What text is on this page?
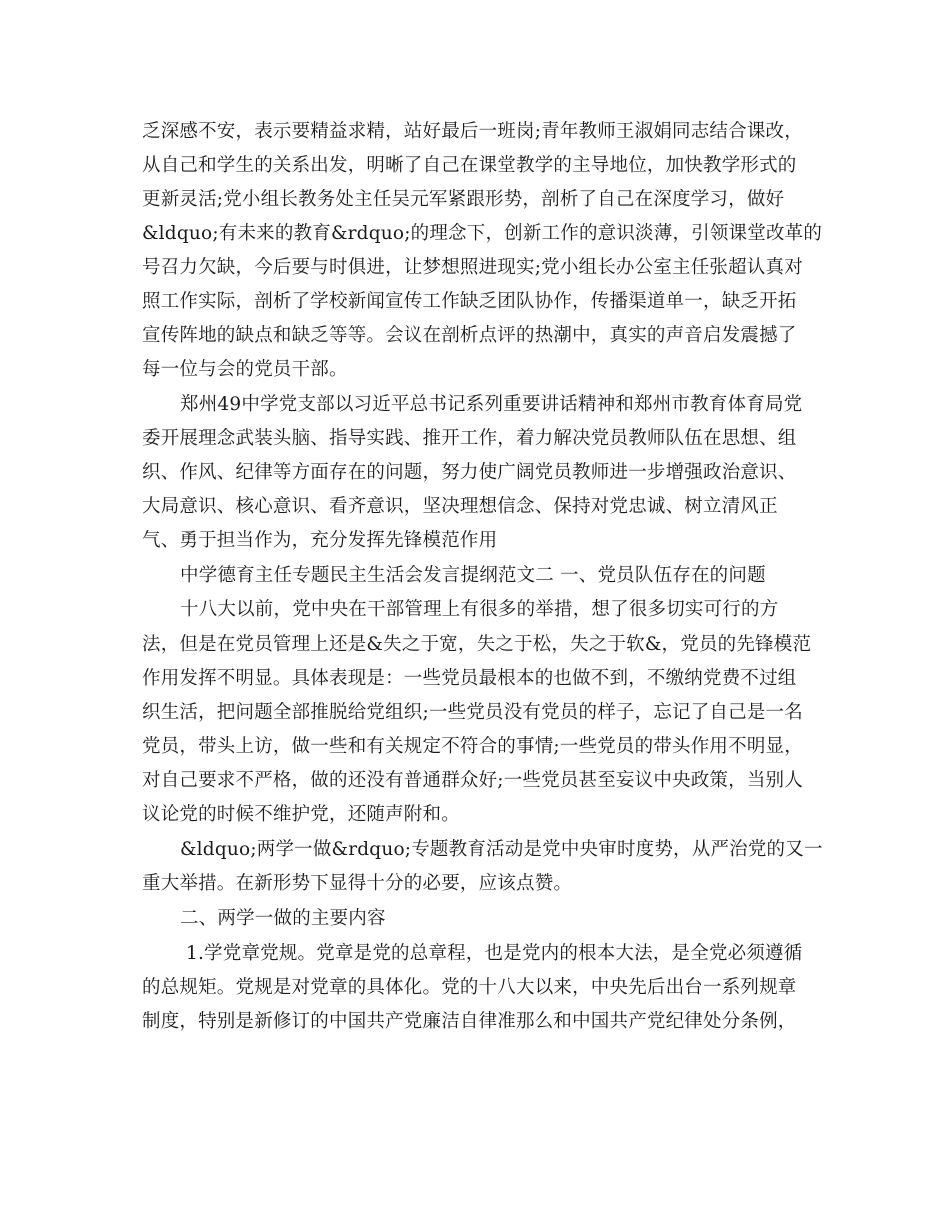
乏深感不安，表示要精益求精，站好最后一班岗;青年教师王淑娟同志结合课改，
从自己和学生的关系出发，明晰了自己在课堂教学的主导地位，加快教学形式的
更新灵活;党小组长教务处主任吴元军紧跟形势，剖析了自己在深度学习，做好
&ldquo;有未来的教育&rdquo;的理念下，创新工作的意识淡薄，引领课堂改革的
号召力欠缺，今后要与时俱进，让梦想照进现实;党小组长办公室主任张超认真对
照工作实际，剖析了学校新闻宣传工作缺乏团队协作，传播渠道单一，缺乏开拓
宣传阵地的缺点和缺乏等等。会议在剖析点评的热潮中，真实的声音启发震撼了
每一位与会的党员干部。
郑州49中学党支部以习近平总书记系列重要讲话精神和郑州市教育体育局党
委开展理念武装头脑、指导实践、推开工作，着力解决党员教师队伍在思想、组
织、作风、纪律等方面存在的问题，努力使广阔党员教师进一步增强政治意识、
大局意识、核心意识、看齐意识，坚决理想信念、保持对党忠诚、树立清风正
气、勇于担当作为，充分发挥先锋模范作用
中学德育主任专题民主生活会发言提纲范文二 一、党员队伍存在的问题
十八大以前，党中央在干部管理上有很多的举措，想了很多切实可行的方
法，但是在党员管理上还是&失之于宽，失之于松，失之于软&，党员的先锋模范
作用发挥不明显。具体表现是：一些党员最根本的也做不到，不缴纳党费不过组
织生活，把问题全部推脱给党组织;一些党员没有党员的样子，忘记了自己是一名
党员，带头上访，做一些和有关规定不符合的事情;一些党员的带头作用不明显，
对自己要求不严格，做的还没有普通群众好;一些党员甚至妄议中央政策，当别人
议论党的时候不维护党，还随声附和。
&ldquo;两学一做&rdquo;专题教育活动是党中央审时度势，从严治党的又一
重大举措。在新形势下显得十分的必要，应该点赞。
二、两学一做的主要内容
1.学党章党规。党章是党的总章程，也是党内的根本大法，是全党必须遵循
的总规矩。党规是对党章的具体化。党的十八大以来，中央先后出台一系列规章
制度，特别是新修订的中国共产党廉洁自律准那么和中国共产党纪律处分条例，
